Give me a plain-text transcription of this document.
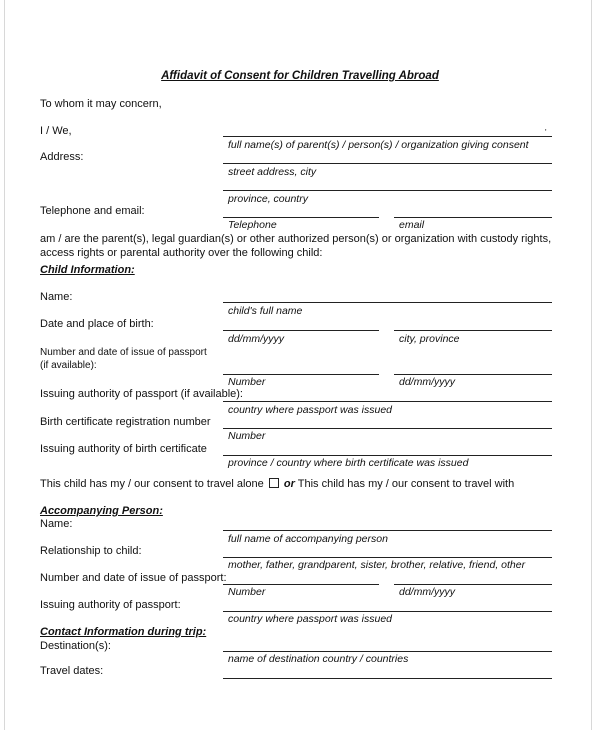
Affidavit of Consent for Children Travelling Abroad
To whom it may concern,
I / We,	'
full name(s) of parent(s) / person(s) / organization giving consent
Address:
street address, city
province, country
Telephone and email:
Telephone	email
am / are the parent(s), legal guardian(s) or other authorized person(s) or organization with custody rights, access rights or parental authority over the following child:
Child Information:
Name:
child's full name
Date and place of birth:
dd/mm/yyyy	city, province
Number and date of issue of passport (if available):
Number	dd/mm/yyyy
Issuing authority of passport (if available):
country where passport was issued
Birth certificate registration number
Number
Issuing authority of birth certificate
province / country where birth certificate was issued
This child has my / our consent to travel alone or This child has my / our consent to travel with
Accompanying Person:
Name:
full name of accompanying person
Relationship to child:
mother, father, grandparent, sister, brother, relative, friend, other
Number and date of issue of passport:
Number	dd/mm/yyyy
Issuing authority of passport:
country where passport was issued
Contact Information during trip:
Destination(s):
name of destination country / countries
Travel dates:
